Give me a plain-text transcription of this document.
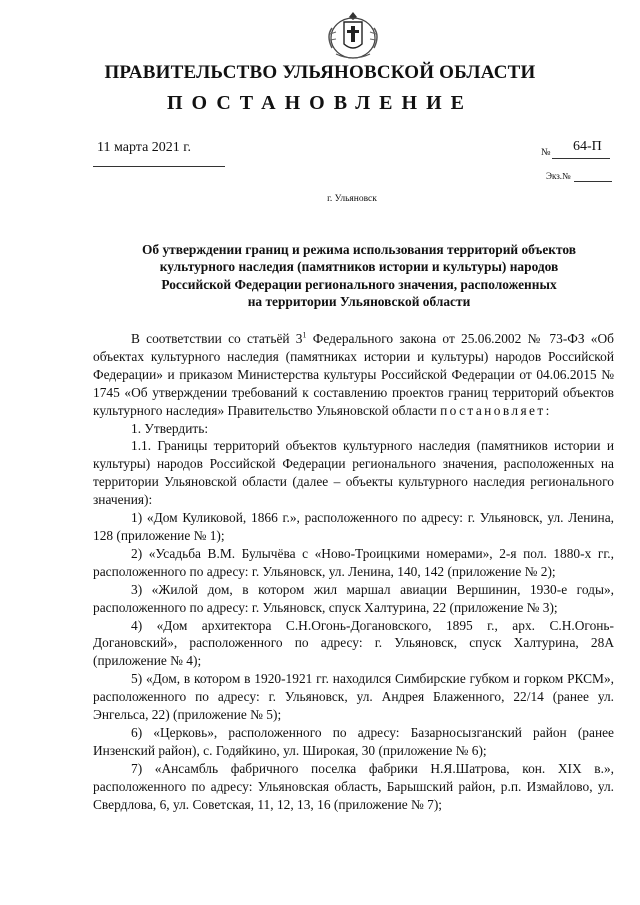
ПРАВИТЕЛЬСТВО УЛЬЯНОВСКОЙ ОБЛАСТИ
ПОСТАНОВЛЕНИЕ
11 марта 2021 г.	№ 64-П
Экз.№
г. Ульяновск
Об утверждении границ и режима использования территорий объектов
культурного наследия (памятников истории и культуры) народов
Российской Федерации регионального значения, расположенных
на территории Ульяновской области

В соответствии со статьёй 3$^1$ Федерального закона от 25.06.2002 № 73-ФЗ «Об объектах культурного наследия (памятниках истории и культуры) народов Российской Федерации» и приказом Министерства культуры Российской Федерации от 04.06.2015 № 1745 «Об утверждении требований к составлению проектов границ территорий объектов культурного наследия» Правительство Ульяновской области постановляет:

1. Утвердить:

1.1. Границы территорий объектов культурного наследия (памятников истории и культуры) народов Российской Федерации регионального значения, расположенных на территории Ульяновской области (далее – объекты культурного наследия регионального значения):

1) «Дом Куликовой, 1866 г.», расположенного по адресу: г. Ульяновск, ул. Ленина, 128 (приложение № 1);

2) «Усадьба В.М. Булычёва с «Ново-Троицкими номерами», 2-я пол. 1880-х гг., расположенного по адресу: г. Ульяновск, ул. Ленина, 140, 142 (приложение № 2);

3) «Жилой дом, в котором жил маршал авиации Вершинин, 1930-е годы», расположенного по адресу: г. Ульяновск, спуск Халтурина, 22 (приложение № 3);

4) «Дом архитектора С.Н.Огонь-Догановского, 1895 г., арх. С.Н.Огонь-Догановский», расположенного по адресу: г. Ульяновск, спуск Халтурина, 28А (приложение № 4);

5) «Дом, в котором в 1920-1921 гг. находился Симбирские губком и горком РКСМ», расположенного по адресу: г. Ульяновск, ул. Андрея Блаженного, 22/14 (ранее ул. Энгельса, 22) (приложение № 5);

6) «Церковь», расположенного по адресу: Базарносызганский район (ранее Инзенский район), с. Годяйкино, ул. Широкая, 30 (приложение № 6);

7) «Ансамбль фабричного поселка фабрики Н.Я.Шатрова, кон. XIX в.», расположенного по адресу: Ульяновская область, Барышский район, р.п. Измайлово, ул. Свердлова, 6, ул. Советская, 11, 12, 13, 16 (приложение № 7);
